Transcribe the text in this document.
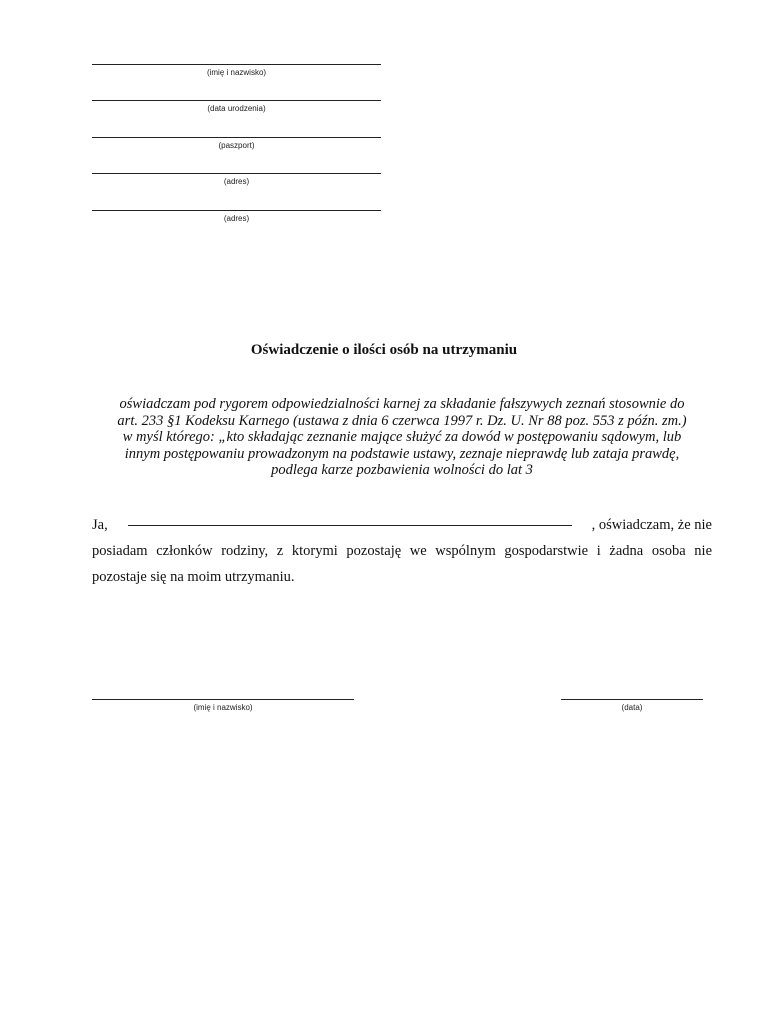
(imię i nazwisko)
(data urodzenia)
(paszport)
(adres)
(adres)
Oświadczenie o ilości osób na utrzymaniu
oświadczam pod rygorem odpowiedzialności karnej za składanie fałszywych zeznań stosownie do
art. 233 §1 Kodeksu Karnego (ustawa z dnia 6 czerwca 1997 r. Dz. U. Nr 88 poz. 553 z późn. zm.)
w myśl którego: „kto składając zeznanie mające służyć za dowód w postępowaniu sądowym, lub
innym postępowaniu prowadzonym na podstawie ustawy, zeznaje nieprawdę lub zataja prawdę,
podlega karze pozbawienia wolności do lat 3
Ja,	, oświadczam, że nie
posiadam członków rodziny, z ktorymi pozostaję we wspólnym gospodarstwie i żadna osoba nie
pozostaje się na moim utrzymaniu.
(imię i nazwisko)	(data)
